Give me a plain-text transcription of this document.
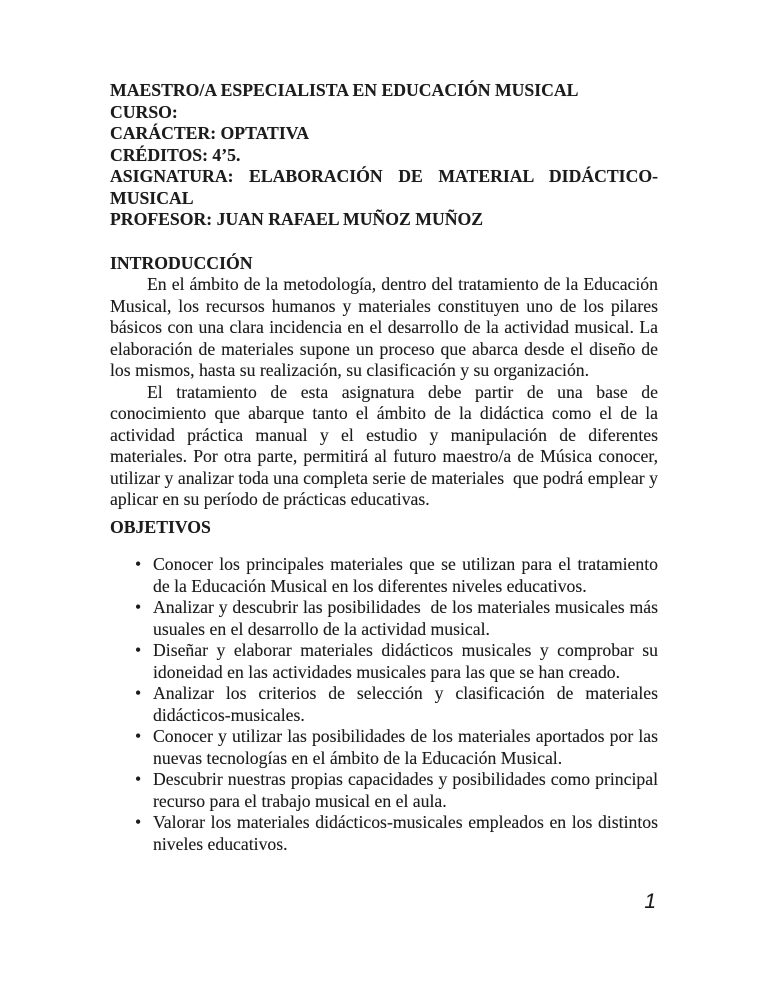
MAESTRO/A ESPECIALISTA EN EDUCACIÓN MUSICAL

CURSO:

CARÁCTER: OPTATIVA

CRÉDITOS: 4’5.

ASIGNATURA: ELABORACIÓN DE MATERIAL DIDÁCTICO-MUSICAL

PROFESOR: JUAN RAFAEL MUÑOZ MUÑOZ

INTRODUCCIÓN

En el ámbito de la metodología, dentro del tratamiento de la Educación Musical, los recursos humanos y materiales constituyen uno de los pilares básicos con una clara incidencia en el desarrollo de la actividad musical. La elaboración de materiales supone un proceso que abarca desde el diseño de los mismos, hasta su realización, su clasificación y su organización.

El tratamiento de esta asignatura debe partir de una base de conocimiento que abarque tanto el ámbito de la didáctica como el de la actividad práctica manual y el estudio y manipulación de diferentes materiales. Por otra parte, permitirá al futuro maestro/a de Música conocer, utilizar y analizar toda una completa serie de materiales  que podrá emplear y aplicar en su período de prácticas educativas.

OBJETIVOS
• Conocer los principales materiales que se utilizan para el tratamiento de la Educación Musical en los diferentes niveles educativos.
• Analizar y descubrir las posibilidades  de los materiales musicales más usuales en el desarrollo de la actividad musical.
• Diseñar y elaborar materiales didácticos musicales y comprobar su idoneidad en las actividades musicales para las que se han creado.
• Analizar los criterios de selección y clasificación de materiales didácticos-musicales.
• Conocer y utilizar las posibilidades de los materiales aportados por las nuevas tecnologías en el ámbito de la Educación Musical.
• Descubrir nuestras propias capacidades y posibilidades como principal recurso para el trabajo musical en el aula.
• Valorar los materiales didácticos-musicales empleados en los distintos niveles educativos.
1
